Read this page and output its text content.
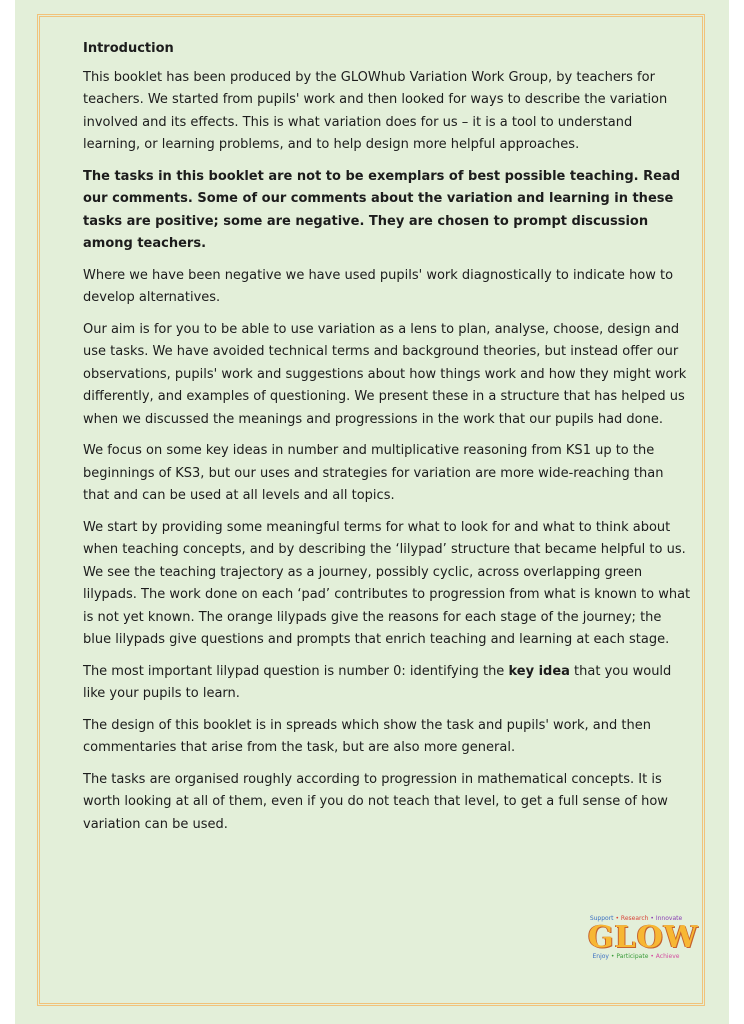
Introduction

This booklet has been produced by the GLOWhub Variation Work Group, by teachers for teachers. We started from pupils' work and then looked for ways to describe the variation involved and its effects. This is what variation does for us – it is a tool to understand learning, or learning problems, and to help design more helpful approaches.

The tasks in this booklet are not to be exemplars of best possible teaching. Read our comments. Some of our comments about the variation and learning in these tasks are positive; some are negative. They are chosen to prompt discussion among teachers.

Where we have been negative we have used pupils' work diagnostically to indicate how to develop alternatives.

Our aim is for you to be able to use variation as a lens to plan, analyse, choose, design and use tasks. We have avoided technical terms and background theories, but instead offer our observations, pupils' work and suggestions about how things work and how they might work differently, and examples of questioning. We present these in a structure that has helped us when we discussed the meanings and progressions in the work that our pupils had done.

We focus on some key ideas in number and multiplicative reasoning from KS1 up to the beginnings of KS3, but our uses and strategies for variation are more wide-reaching than that and can be used at all levels and all topics.

We start by providing some meaningful terms for what to look for and what to think about when teaching concepts, and by describing the ‘lilypad’ structure that became helpful to us. We see the teaching trajectory as a journey, possibly cyclic, across overlapping green lilypads. The work done on each ‘pad’ contributes to progression from what is known to what is not yet known. The orange lilypads give the reasons for each stage of the journey; the blue lilypads give questions and prompts that enrich teaching and learning at each stage.

The most important lilypad question is number 0: identifying the key idea that you would like your pupils to learn.

The design of this booklet is in spreads which show the task and pupils' work, and then commentaries that arise from the task, but are also more general.

The tasks are organised roughly according to progression in mathematical concepts. It is worth looking at all of them, even if you do not teach that level, to get a full sense of how variation can be used.

Support • Research • Innovate
GLOW
Enjoy • Participate • Achieve
